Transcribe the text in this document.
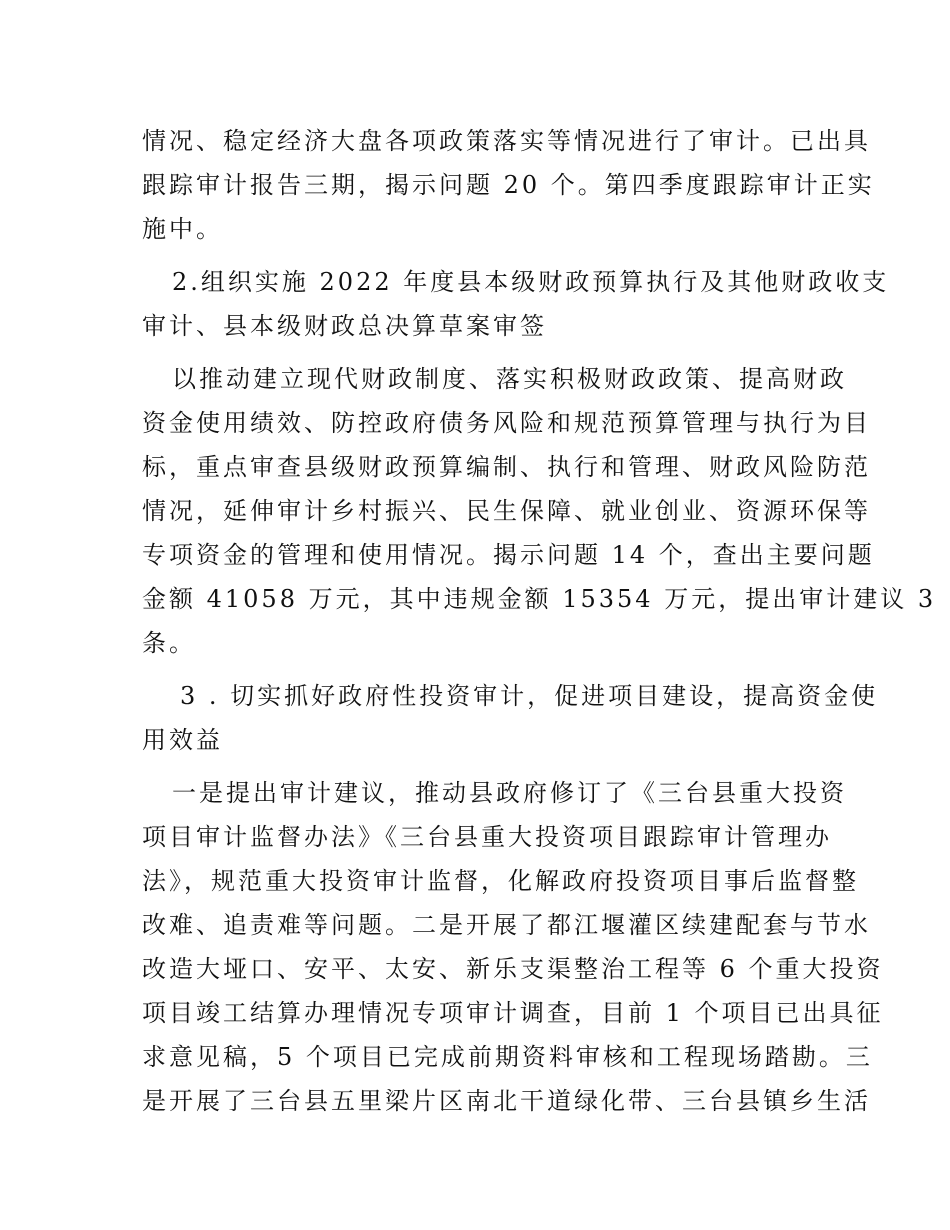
情况、稳定经济大盘各项政策落实等情况进行了审计。已出具
跟踪审计报告三期，揭示问题 20 个。第四季度跟踪审计正实
施中。
2.组织实施 2022 年度县本级财政预算执行及其他财政收支
审计、县本级财政总决算草案审签
以推动建立现代财政制度、落实积极财政政策、提高财政
资金使用绩效、防控政府债务风险和规范预算管理与执行为目
标，重点审查县级财政预算编制、执行和管理、财政风险防范
情况，延伸审计乡村振兴、民生保障、就业创业、资源环保等
专项资金的管理和使用情况。揭示问题 14 个，查出主要问题
金额 41058 万元，其中违规金额 15354 万元，提出审计建议 3
条。
3 . 切实抓好政府性投资审计，促进项目建设，提高资金使
用效益
一是提出审计建议，推动县政府修订了《三台县重大投资
项目审计监督办法》《三台县重大投资项目跟踪审计管理办
法》，规范重大投资审计监督，化解政府投资项目事后监督整
改难、追责难等问题。二是开展了都江堰灌区续建配套与节水
改造大垭口、安平、太安、新乐支渠整治工程等 6 个重大投资
项目竣工结算办理情况专项审计调查，目前 1 个项目已出具征
求意见稿，5 个项目已完成前期资料审核和工程现场踏勘。三
是开展了三台县五里梁片区南北干道绿化带、三台县镇乡生活
